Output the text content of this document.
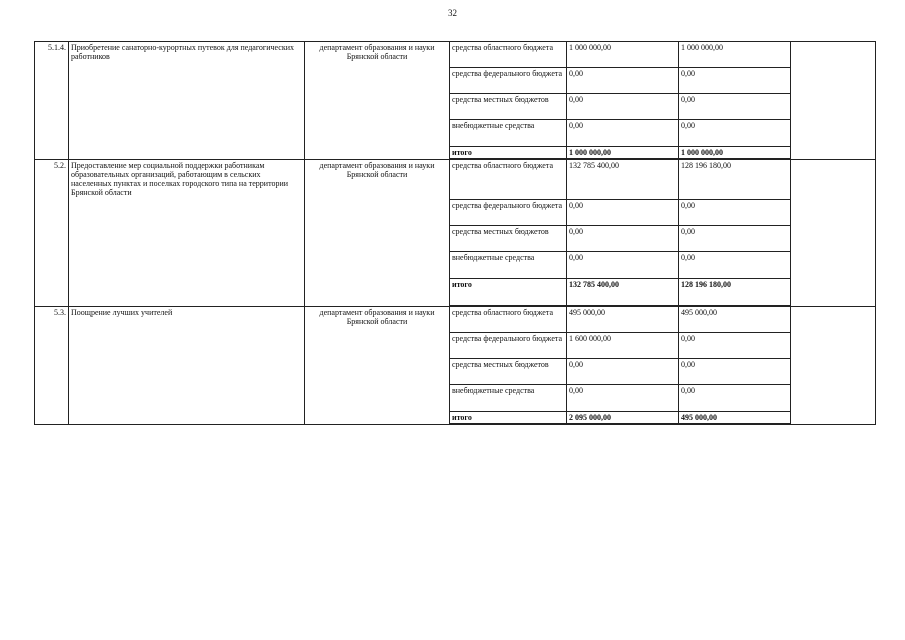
32
5.1.4.	Приобретение санаторно-курортных путевок для педагогических работников	департамент образования и науки Брянской области	средства областного бюджета	1 000 000,00	1 000 000,00	
			средства федерального бюджета	0,00	0,00	
			средства местных бюджетов	0,00	0,00	
			внебюджетные средства	0,00	0,00	
			итого	1 000 000,00	1 000 000,00	
5.2.	Предоставление мер социальной поддержки работникам образовательных организаций, работающим в сельских населенных пунктах и поселках городского типа на территории Брянской области	департамент образования и науки Брянской области	средства областного бюджета	132 785 400,00	128 196 180,00	
			средства федерального бюджета	0,00	0,00	
			средства местных бюджетов	0,00	0,00	
			внебюджетные средства	0,00	0,00	
			итого	132 785 400,00	128 196 180,00	
5.3.	Поощрение лучших учителей	департамент образования и науки Брянской области	средства областного бюджета	495 000,00	495 000,00	
			средства федерального бюджета	1 600 000,00	0,00	
			средства местных бюджетов	0,00	0,00	
			внебюджетные средства	0,00	0,00	
			итого	2 095 000,00	495 000,00	
